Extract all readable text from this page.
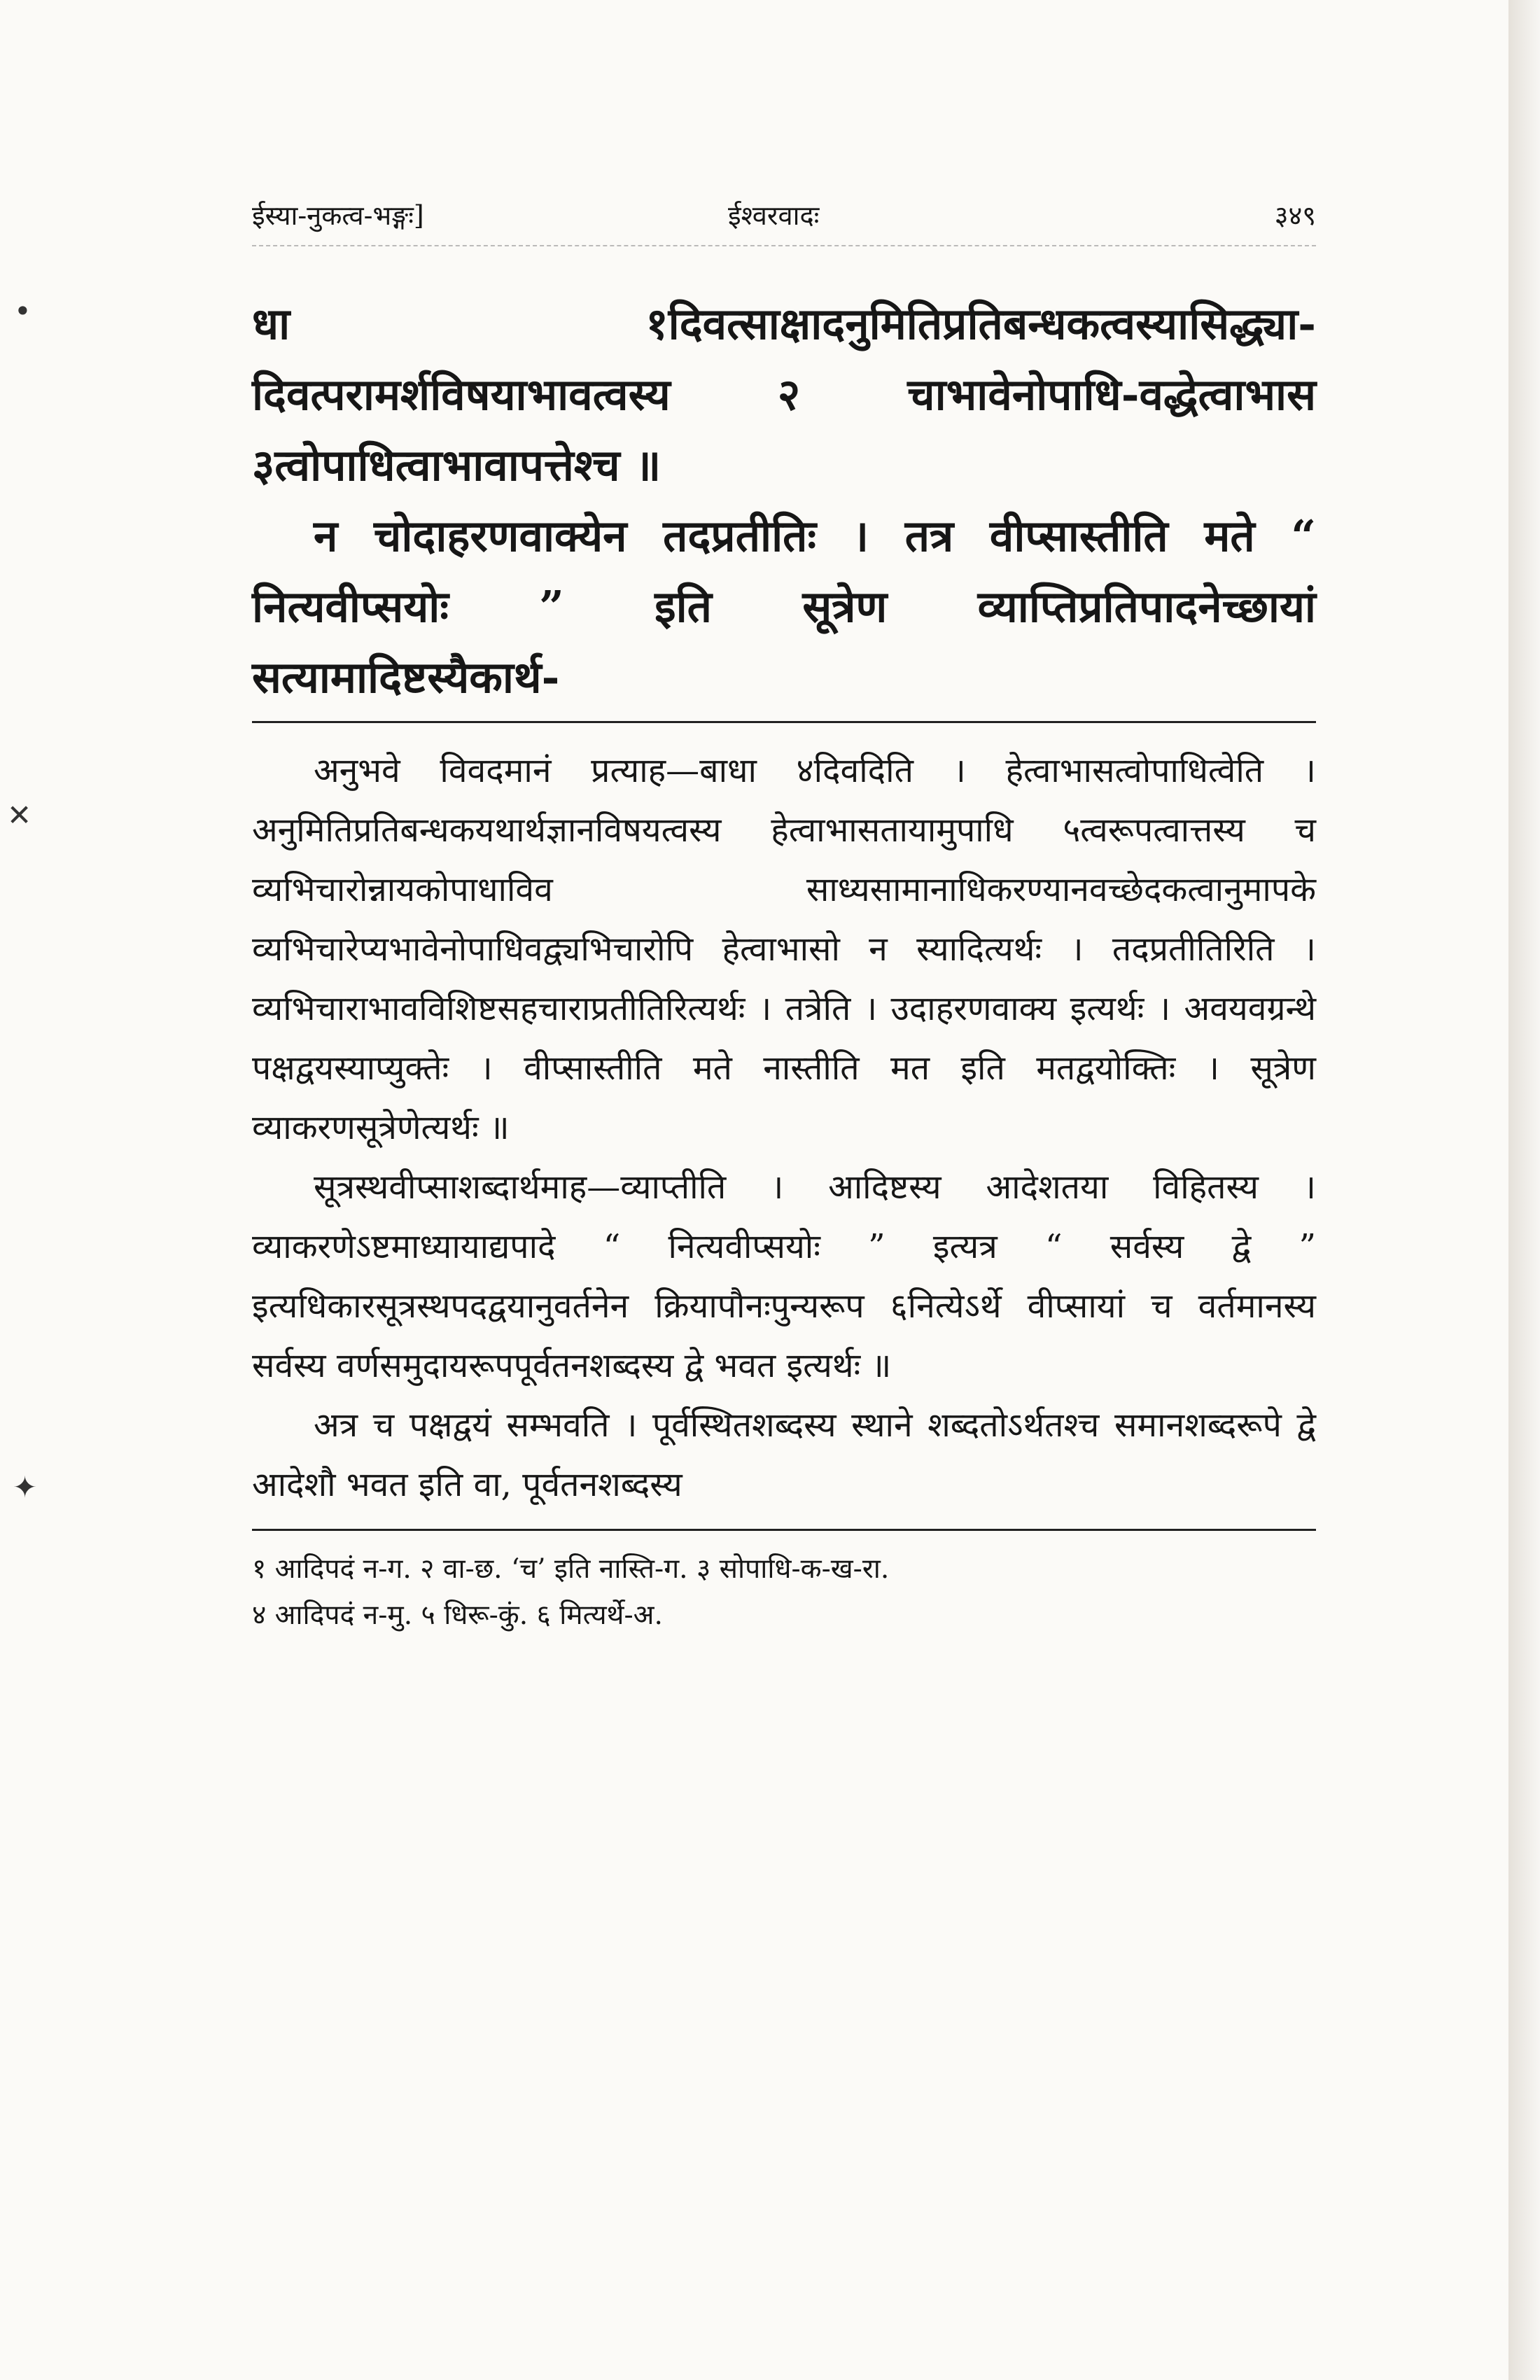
•
✕
✦
ईस्या-नुकत्व-भङ्गः]	ईश्वरवादः	३४९

धा १दिवत्साक्षादनुमितिप्रतिबन्धकत्वस्यासिद्ध्या-दिवत्परामर्शविषयाभावत्वस्य २ चाभावेनोपाधि-वद्धेत्वाभास ३त्वोपाधित्वाभावापत्तेश्च ॥

न चोदाहरणवाक्येन तदप्रतीतिः । तत्र वीप्सास्तीति मते “ नित्यवीप्सयोः ” इति सूत्रेण व्याप्तिप्रतिपादनेच्छायां सत्यामादिष्टस्यैकार्थ-

अनुभवे विवदमानं प्रत्याह—बाधा ४दिवदिति । हेत्वाभासत्वोपाधित्वेति । अनुमितिप्रतिबन्धकयथार्थज्ञानविषयत्वस्य हेत्वाभासतायामुपाधि ५त्वरूपत्वात्तस्य च व्यभिचारोन्नायकोपाधाविव साध्यसामानाधिकरण्यानवच्छेदकत्वानुमापके व्यभिचारेप्यभावेनोपाधिवद्व्यभिचारोपि हेत्वाभासो न स्यादित्यर्थः । तदप्रतीतिरिति । व्यभिचाराभावविशिष्टसहचाराप्रतीतिरित्यर्थः । तत्रेति । उदाहरणवाक्य इत्यर्थः । अवयवग्रन्थे पक्षद्वयस्याप्युक्तेः । वीप्सास्तीति मते नास्तीति मत इति मतद्वयोक्तिः । सूत्रेण व्याकरणसूत्रेणेत्यर्थः ॥

सूत्रस्थवीप्साशब्दार्थमाह—व्याप्तीति । आदिष्टस्य आदेशतया विहितस्य । व्याकरणेऽष्टमाध्यायाद्यपादे “ नित्यवीप्सयोः ” इत्यत्र “ सर्वस्य द्वे ” इत्यधिकारसूत्रस्थपदद्वयानुवर्तनेन क्रियापौनःपुन्यरूप ६नित्येऽर्थे वीप्सायां च वर्तमानस्य सर्वस्य वर्णसमुदायरूपपूर्वतनशब्दस्य द्वे भवत इत्यर्थः ॥

अत्र च पक्षद्वयं सम्भवति । पूर्वस्थितशब्दस्य स्थाने शब्दतोऽर्थतश्च समानशब्दरूपे द्वे आदेशौ भवत इति वा, पूर्वतनशब्दस्य

१ आदिपदं न-ग. २ वा-छ. ‘च’ इति नास्ति-ग. ३ सोपाधि-क-ख-रा.
४ आदिपदं न-मु. ५ धिरू-कुं. ६ मित्यर्थे-अ.
